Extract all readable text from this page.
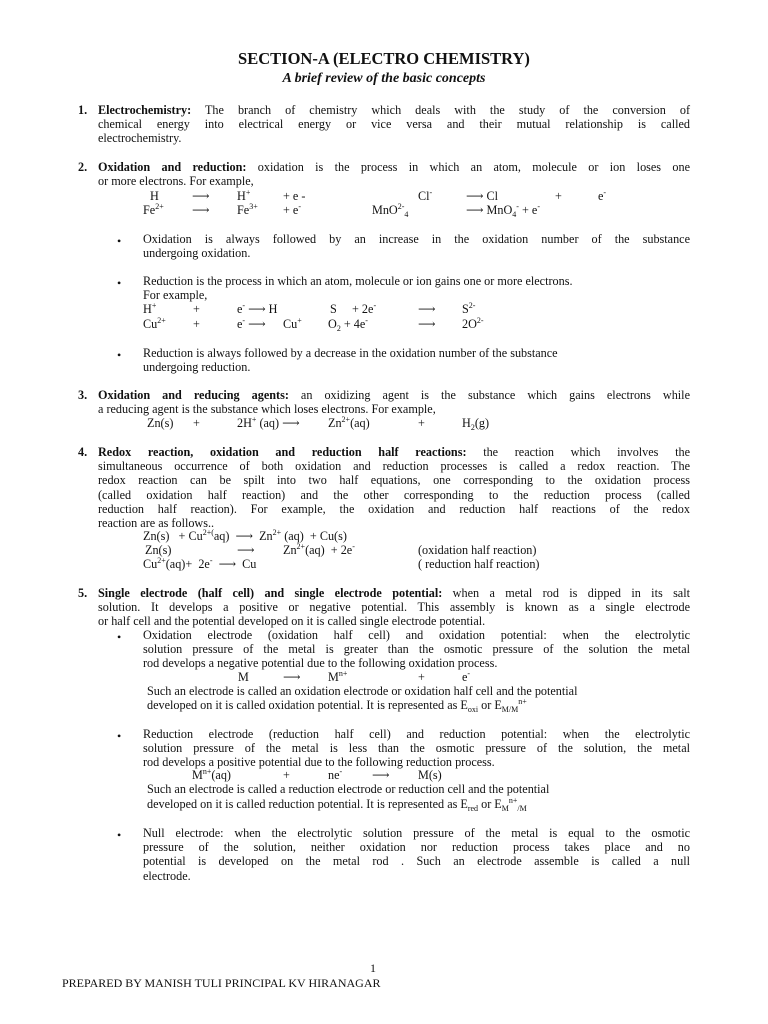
SECTION-A (ELECTRO CHEMISTRY)
A brief review of the basic concepts
1. Electrochemistry: The branch of chemistry which deals with the study of the conversion of
chemical energy into electrical energy or vice versa and their mutual relationship is called
electrochemistry.
2. Oxidation and reduction: oxidation is the process in which an atom, molecule or ion loses one
or more electrons. For example,
H	⟶ H+	+ e -	Cl-	⟶ Cl	+	e-
$Fe^{2+}$ ⟶ $Fe^{3+} + e^-$	MnO$^{2-}_4$	⟶ MnO$_4$- + e-
• Oxidation is always followed by an increase in the oxidation number of the substance
undergoing oxidation.
• Reduction is the process in which an atom, molecule or ion gains one or more electrons.
For example,
H+	+	e- ⟶ H	S + 2e-	⟶ $S^{2-}$
$Cu^{2+}$ +	e- ⟶ Cu+ $O_2 + 4e^-$	⟶ $2O^{2-}$
• Reduction is always followed by a decrease in the oxidation number of the substance
undergoing reduction.
3. Oxidation and reducing agents: an oxidizing agent is the substance which gains electrons while
a reducing agent is the substance which loses electrons. For example,
Zn(s) +	2H+ (aq) ⟶ $Zn^{2+}(aq)$	+	$H_2(g)$
4. Redox reaction, oxidation and reduction half reactions: the reaction which involves the
simultaneous occurrence of both oxidation and reduction processes is called a redox reaction. The
redox reaction can be spilt into two half equations, one corresponding to the oxidation process
(called oxidation half reaction) and the other corresponding to the reduction process (called
reduction half reaction). For example, the oxidation and reduction half reactions of the redox
reaction are as follows..
$Zn(s) + Cu^{2+(}aq$)  ⟶  $Zn^{2+}$ (aq)  + Cu(s)
Zn(s)	⟶ $Zn^{2+}(aq) + 2e^-$	(oxidation half reaction)
$Cu^{2+}(aq)+ 2e^-$  ⟶  Cu	( reduction half reaction)
5. Single electrode (half cell) and single electrode potential: when a metal rod is dipped in its salt
solution. It develops a positive or negative potential. This assembly is known as a single electrode
or half cell and the potential developed on it is called single electrode potential.
• Oxidation electrode (oxidation half cell) and oxidation potential: when the electrolytic
solution pressure of the metal is greater than the osmotic pressure of the solution the metal
rod develops a negative potential due to the following oxidation process.
M	⟶ $M^{n+}$	+	e-
Such an electrode is called an oxidation electrode or oxidation half cell and the potential
developed on it is called oxidation potential. It is represented as $E_{oxi}$ or $E_{M/M}^{n+}$
• Reduction electrode (reduction half cell) and reduction potential: when the electrolytic
solution pressure of the metal is less than the osmotic pressure of the solution, the metal
rod develops a positive potential due to the following reduction process.
$M^{n+}(aq)$	+	ne- ⟶ M(s)
Such an electrode is called a reduction electrode or reduction cell and the potential
developed on it is called reduction potential. It is represented as $E_{red}$ or $E_M^{n+}_{/M}$
• Null electrode: when the electrolytic solution pressure of the metal is equal to the osmotic
pressure of the solution, neither oxidation nor reduction process takes place and no
potential is developed on the metal rod . Such an electrode assemble is called a null
electrode.
1
PREPARED BY MANISH TULI PRINCIPAL KV HIRANAGAR
